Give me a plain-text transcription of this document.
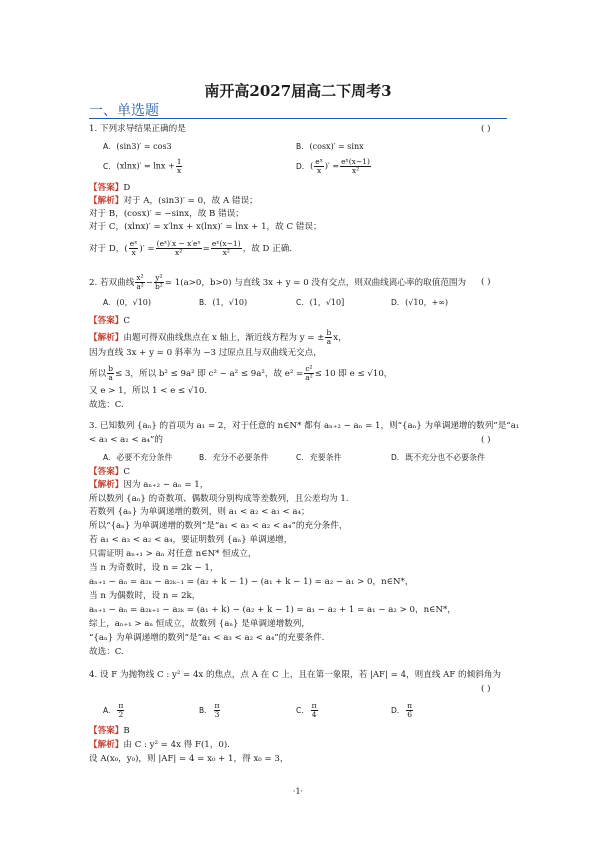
南开高2027届高二下周考3
一、单选题
1. 下列求导结果正确的是	( )
A. (sin3)′ = cos3	B. (cosx)′ = sinx
C. $(xlnx)' = \ln x + \frac{1}{x}$	D. ( $\frac{\text{eˣ}}{x}$ )′ = $\frac{\text{eˣ(x−1)}}{\text{x²}}$
【答案】D
【解析】对于 A，(sin3)′ = 0，故 A 错误；
对于 B，(cosx)′ = −sinx，故 B 错误；
对于 C，(xlnx)′ = x′lnx + x(lnx)′ = lnx + 1，故 C 错误；
对于 D，( $\frac{\text{eˣ}}{x}$ )′ = $\frac{\text{(eˣ)′x − x′eˣ}}{\text{x²}} = \frac{\text{eˣ(x−1)}}{\text{x²}}$ ，故 D 正确.
2. 若双曲线 $\frac{\text{x²}}{\text{a²}} - \frac{\text{y²}}{\text{b²}} = 1(a>0$，b>0) 与直线 3x + y = 0 没有交点，则双曲线离心率的取值范围为 ( )
A. (0，√10)	B. (1，√10)	C. (1，√10]	D. (√10，+∞)
【答案】C
【解析】由题可得双曲线焦点在 x 轴上，渐近线方程为 y = ± $\frac{b}{a}$ x，
因为直线 3x + y = 0 斜率为 −3 过原点且与双曲线无交点，
所以 $\frac{b}{a} \le 3$，所以 b² ≤ 9a² 即 c² − a² ≤ 9a²，故 $e^2 = \frac{\text{c²}}{\text{a²}} \le 10$ 即 e ≤ √10，
又 e > 1，所以 1 < e ≤ √10.
故选：C.
3. 已知数列 {aₙ} 的首项为 a₁ = 2，对于任意的 n∈N* 都有 aₙ₊₂ − aₙ = 1，则“{aₙ} 为单调递增的数列”是“a₁
< a₃ < a₂ < a₄”的	( )
A. 必要不充分条件	B. 充分不必要条件	C. 充要条件	D. 既不充分也不必要条件
【答案】C
【解析】因为 aₙ₊₂ − aₙ = 1，
所以数列 {aₙ} 的奇数项、偶数项分别构成等差数列，且公差均为 1.
若数列 {aₙ} 为单调递增的数列，则 a₁ < a₂ < a₃ < a₄；
所以“{aₙ} 为单调递增的数列”是“a₁ < a₃ < a₂ < a₄”的充分条件，
若 a₁ < a₃ < a₂ < a₄，要证明数列 {aₙ} 单调递增，
只需证明 aₙ₊₁ > aₙ 对任意 n∈N* 恒成立，
当 n 为奇数时，设 n = 2k − 1，
aₙ₊₁ − aₙ = a₂ₖ − a₂ₖ₋₁ = (a₂ + k − 1) − (a₁ + k − 1) = a₂ − a₁ > 0，n∈N*，
当 n 为偶数时，设 n = 2k，
aₙ₊₁ − aₙ = a₂ₖ₊₁ − a₂ₖ = (a₁ + k) − (a₂ + k − 1) = a₁ − a₂ + 1 = a₁ − a₂ > 0，n∈N*，
综上，aₙ₊₁ > aₙ 恒成立，故数列 {aₙ} 是单调递增数列，
“{aₙ} 为单调递增的数列”是“a₁ < a₃ < a₂ < a₄”的充要条件.
故选：C.
4. 设 F 为抛物线 C : y² = 4x 的焦点，点 A 在 C 上，且在第一象限，若 |AF| = 4，则直线 AF 的倾斜角为
( )
A. $\frac{\pi}{2}$	B. $\frac{\pi}{3}$	C. $\frac{\pi}{4}$	D. $\frac{\pi}{6}$
【答案】B
【解析】由 C : y² = 4x 得 F(1，0).
设 A(x₀，y₀)，则 |AF| = 4 = x₀ + 1，得 x₀ = 3，
·1·
